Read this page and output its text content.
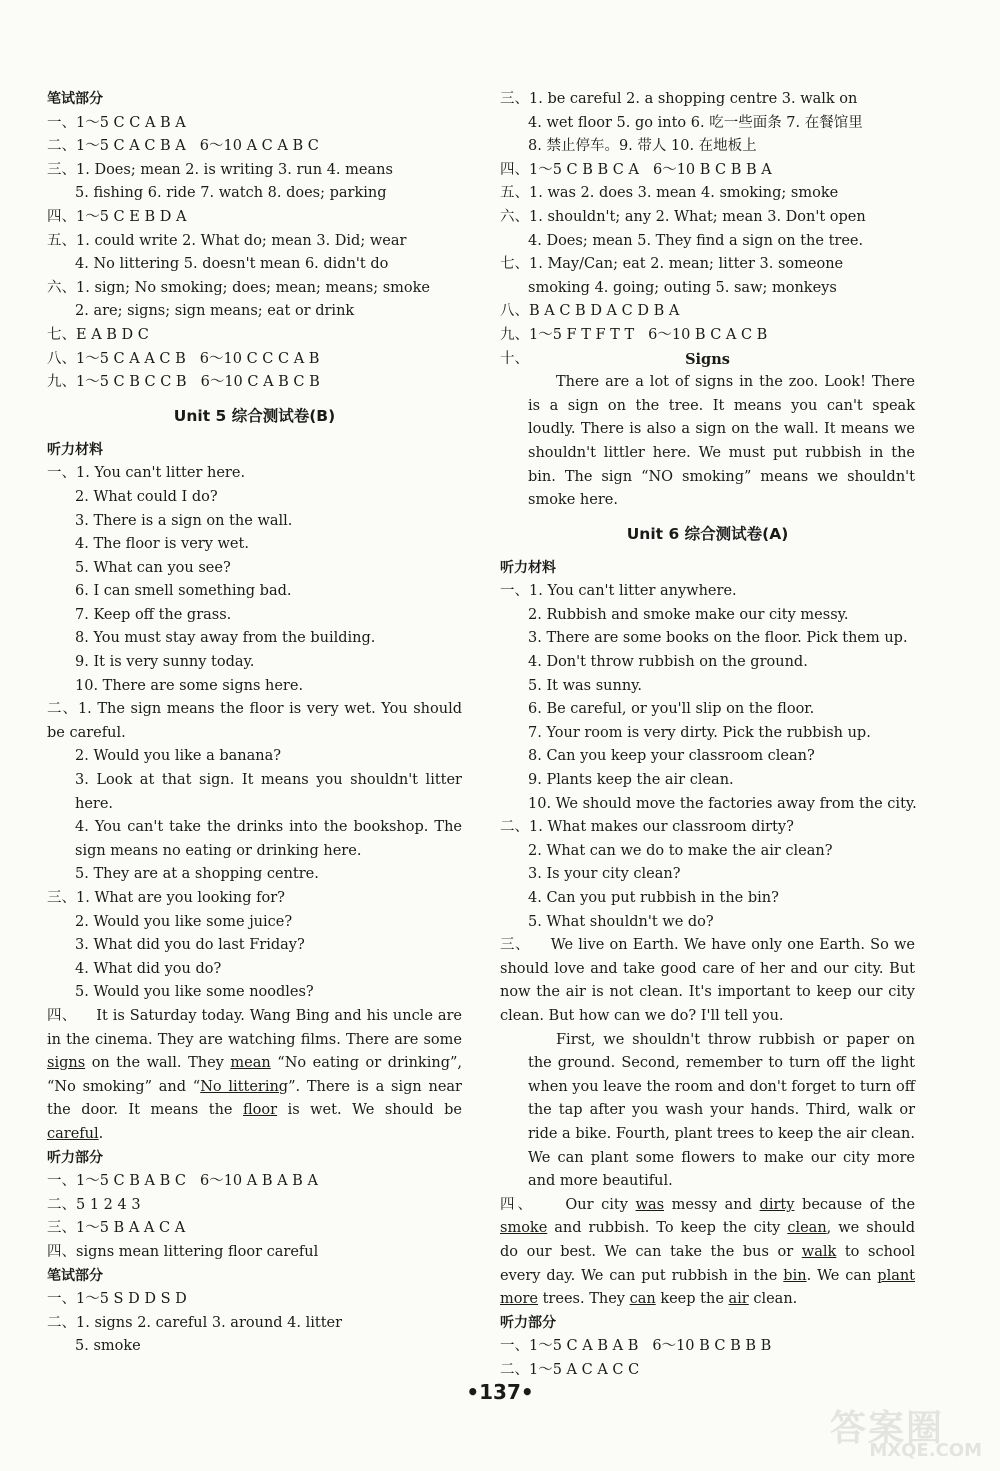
笔试部分
一、1～5 C C A B A
二、1～5 C A C B A 6～10 A C A B C
三、1. Does; mean 2. is writing 3. run 4. means
5. fishing 6. ride 7. watch 8. does; parking
四、1～5 C E B D A
五、1. could write 2. What do; mean 3. Did; wear
4. No littering 5. doesn't mean 6. didn't do
六、1. sign; No smoking; does; mean; means; smoke
2. are; signs; sign means; eat or drink
七、E A B D C
八、1～5 C A A C B 6～10 C C C A B
九、1～5 C B C C B 6～10 C A B C B
Unit 5 综合测试卷(B)
听力材料
一、1. You can't litter here.
2. What could I do?
3. There is a sign on the wall.
4. The floor is very wet.
5. What can you see?
6. I can smell something bad.
7. Keep off the grass.
8. You must stay away from the building.
9. It is very sunny today.
10. There are some signs here.
二、1. The sign means the floor is very wet. You should be careful.
2. Would you like a banana?
3. Look at that sign. It means you shouldn't litter here.
4. You can't take the drinks into the bookshop. The sign means no eating or drinking here.
5. They are at a shopping centre.
三、1. What are you looking for?
2. Would you like some juice?
3. What did you do last Friday?
4. What did you do?
5. Would you like some noodles?
四、 It is Saturday today. Wang Bing and his uncle are in the cinema. They are watching films. There are some signs on the wall. They mean “No eating or drinking”, “No smoking” and “No littering”. There is a sign near the door. It means the floor is wet. We should be careful.
听力部分
一、1～5 C B A B C 6～10 A B A B A
二、5 1 2 4 3
三、1～5 B A A C A
四、signs mean littering floor careful
笔试部分
一、1～5 S D D S D
二、1. signs 2. careful 3. around 4. litter
5. smoke
三、1. be careful 2. a shopping centre 3. walk on
4. wet floor 5. go into 6. 吃一些面条 7. 在餐馆里
8. 禁止停车。9. 带人 10. 在地板上
四、1～5 C B B C A 6～10 B C B B A
五、1. was 2. does 3. mean 4. smoking; smoke
六、1. shouldn't; any 2. What; mean 3. Don't open
4. Does; mean 5. They find a sign on the tree.
七、1. May/Can; eat 2. mean; litter 3. someone
smoking 4. going; outing 5. saw; monkeys
八、B A C B D A C D B A
九、1～5 F T F T T 6～10 B C A C B
十、	Signs
There are a lot of signs in the zoo. Look! There is a sign on the tree. It means you can't speak loudly. There is also a sign on the wall. It means we shouldn't littler here. We must put rubbish in the bin. The sign “NO smoking” means we shouldn't smoke here.
Unit 6 综合测试卷(A)
听力材料
一、1. You can't litter anywhere.
2. Rubbish and smoke make our city messy.
3. There are some books on the floor. Pick them up.
4. Don't throw rubbish on the ground.
5. It was sunny.
6. Be careful, or you'll slip on the floor.
7. Your room is very dirty. Pick the rubbish up.
8. Can you keep your classroom clean?
9. Plants keep the air clean.
10. We should move the factories away from the city.
二、1. What makes our classroom dirty?
2. What can we do to make the air clean?
3. Is your city clean?
4. Can you put rubbish in the bin?
5. What shouldn't we do?
三、 We live on Earth. We have only one Earth. So we should love and take good care of her and our city. But now the air is not clean. It's important to keep our city clean. But how can we do? I'll tell you.
First, we shouldn't throw rubbish or paper on the ground. Second, remember to turn off the light when you leave the room and don't forget to turn off the tap after you wash your hands. Third, walk or ride a bike. Fourth, plant trees to keep the air clean. We can plant some flowers to make our city more and more beautiful.
四、 Our city was messy and dirty because of the smoke and rubbish. To keep the city clean, we should do our best. We can take the bus or walk to school every day. We can put rubbish in the bin. We can plant more trees. They can keep the air clean.
听力部分
一、1～5 C A B A B 6～10 B C B B B
二、1～5 A C A C C
•137•
答案圈
MXQE.COM
